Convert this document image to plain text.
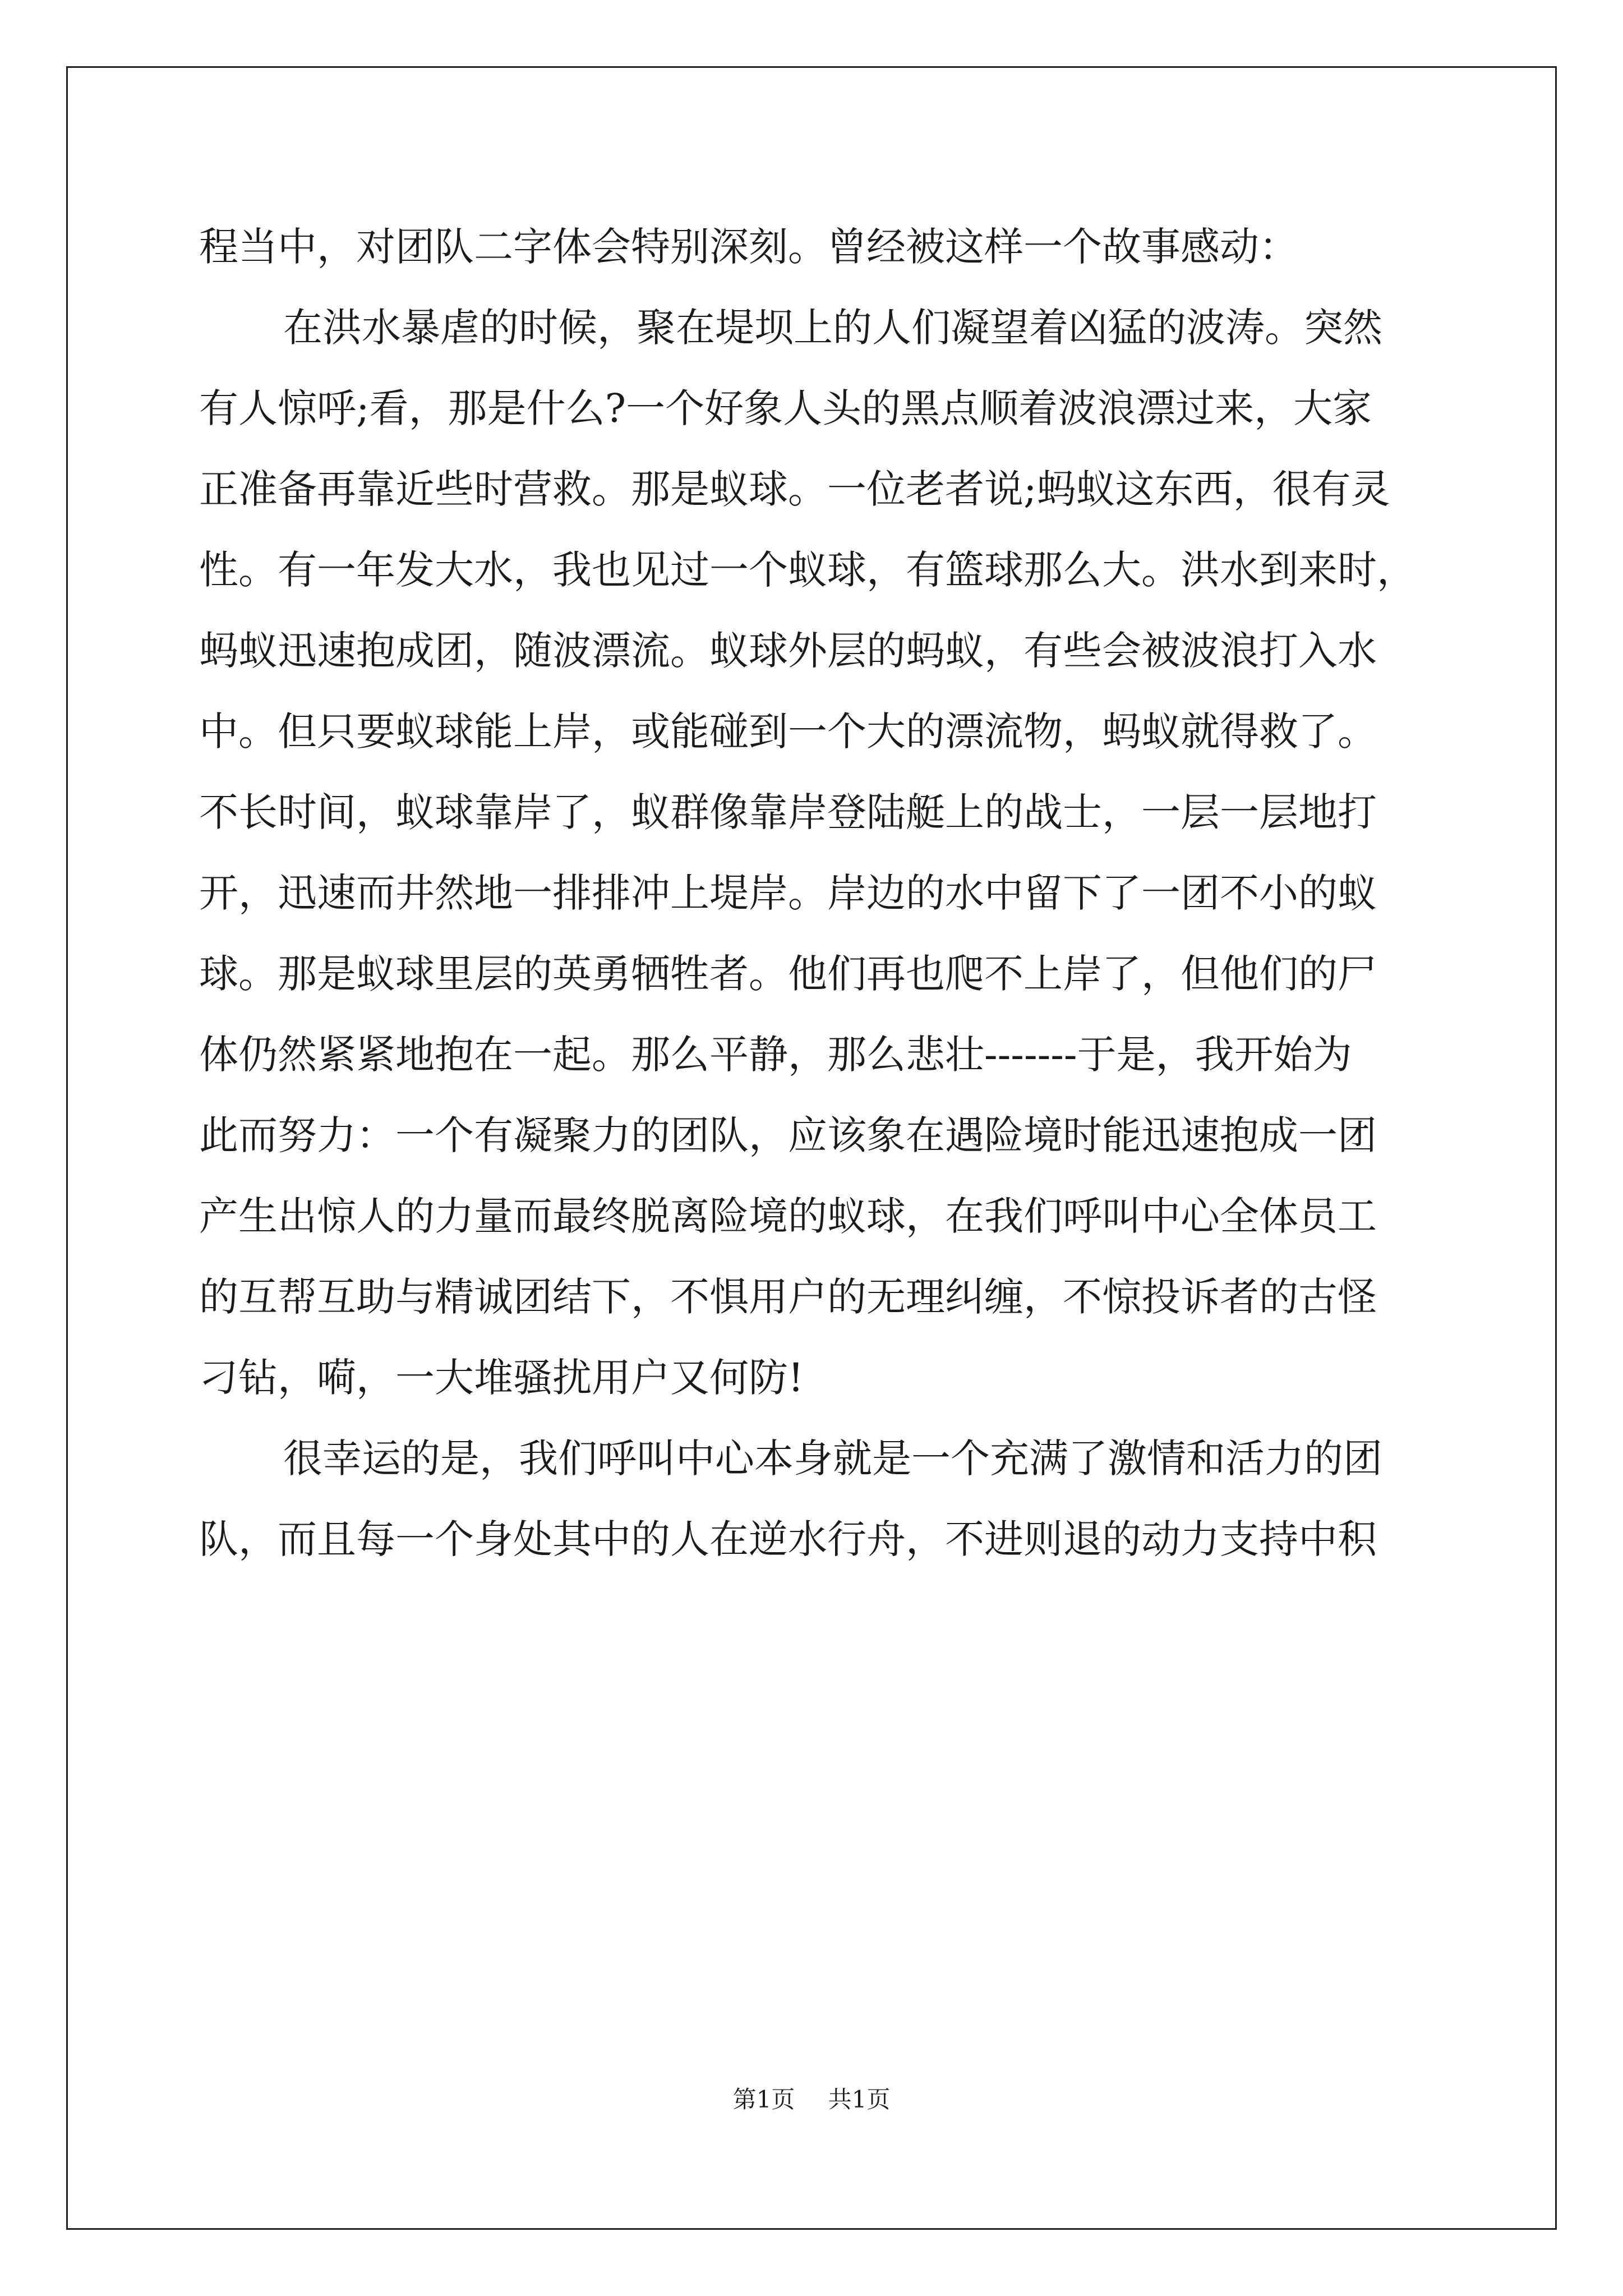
程当中，对团队二字体会特别深刻。曾经被这样一个故事感动：
在洪水暴虐的时候，聚在堤坝上的人们凝望着凶猛的波涛。突然
有人惊呼;看，那是什么?一个好象人头的黑点顺着波浪漂过来，大家
正准备再靠近些时营救。那是蚁球。一位老者说;蚂蚁这东西，很有灵
性。有一年发大水，我也见过一个蚁球，有篮球那么大。洪水到来时，
蚂蚁迅速抱成团，随波漂流。蚁球外层的蚂蚁，有些会被波浪打入水
中。但只要蚁球能上岸，或能碰到一个大的漂流物，蚂蚁就得救了。
不长时间，蚁球靠岸了，蚁群像靠岸登陆艇上的战士，一层一层地打
开，迅速而井然地一排排冲上堤岸。岸边的水中留下了一团不小的蚁
球。那是蚁球里层的英勇牺牲者。他们再也爬不上岸了，但他们的尸
体仍然紧紧地抱在一起。那么平静，那么悲壮-------于是，我开始为
此而努力：一个有凝聚力的团队，应该象在遇险境时能迅速抱成一团
产生出惊人的力量而最终脱离险境的蚁球，在我们呼叫中心全体员工
的互帮互助与精诚团结下，不惧用户的无理纠缠，不惊投诉者的古怪
刁钻，嗬，一大堆骚扰用户又何防!
很幸运的是，我们呼叫中心本身就是一个充满了激情和活力的团
队，而且每一个身处其中的人在逆水行舟，不进则退的动力支持中积
第1页 共1页
